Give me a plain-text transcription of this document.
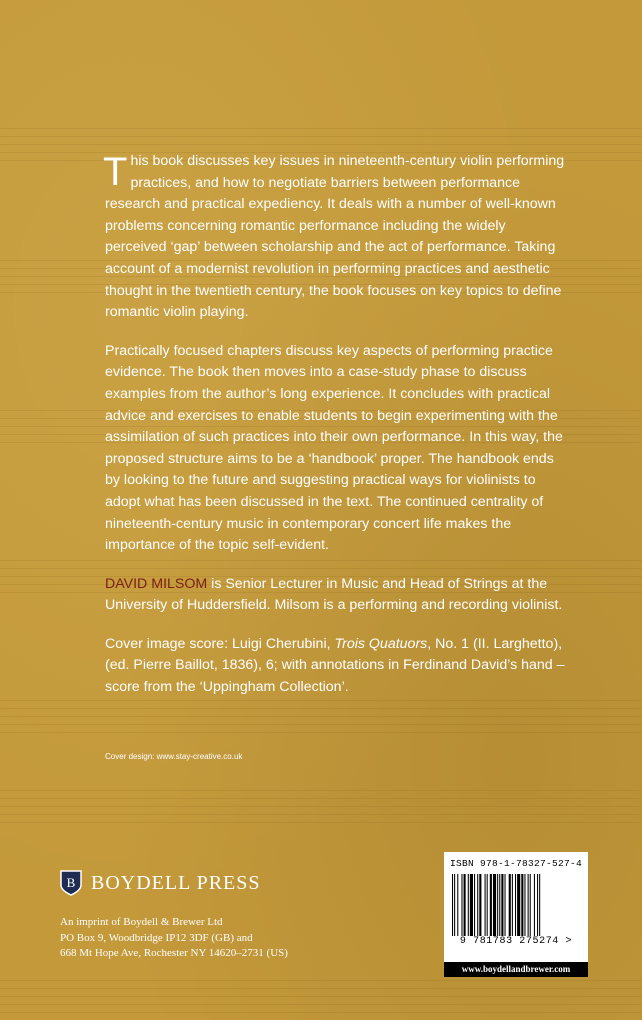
This book discusses key issues in nineteenth-century violin performing practices, and how to negotiate barriers between performance research and practical expediency. It deals with a number of well-known problems concerning romantic performance including the widely perceived ‘gap’ between scholarship and the act of performance. Taking account of a modernist revolution in performing practices and aesthetic thought in the twentieth century, the book focuses on key topics to define romantic violin playing.

Practically focused chapters discuss key aspects of performing practice evidence. The book then moves into a case-study phase to discuss examples from the author’s long experience. It concludes with practical advice and exercises to enable students to begin experimenting with the assimilation of such practices into their own performance. In this way, the proposed structure aims to be a ‘handbook’ proper. The handbook ends by looking to the future and suggesting practical ways for violinists to adopt what has been discussed in the text. The continued centrality of nineteenth-century music in contemporary concert life makes the importance of the topic self-evident.

DAVID MILSOM is Senior Lecturer in Music and Head of Strings at the University of Huddersfield. Milsom is a performing and recording violinist.

Cover image score: Luigi Cherubini, Trois Quatuors, No. 1 (II. Larghetto), (ed. Pierre Baillot, 1836), 6; with annotations in Ferdinand David’s hand – score from the ‘Uppingham Collection’.

Cover design: www.stay-creative.co.uk
B BOYDELL PRESS
An imprint of Boydell & Brewer Ltd
PO Box 9, Woodbridge IP12 3DF (GB) and
668 Mt Hope Ave, Rochester NY 14620–2731 (US)
ISBN 978-1-78327-527-4
9 781783 275274 >
www.boydellandbrewer.com
